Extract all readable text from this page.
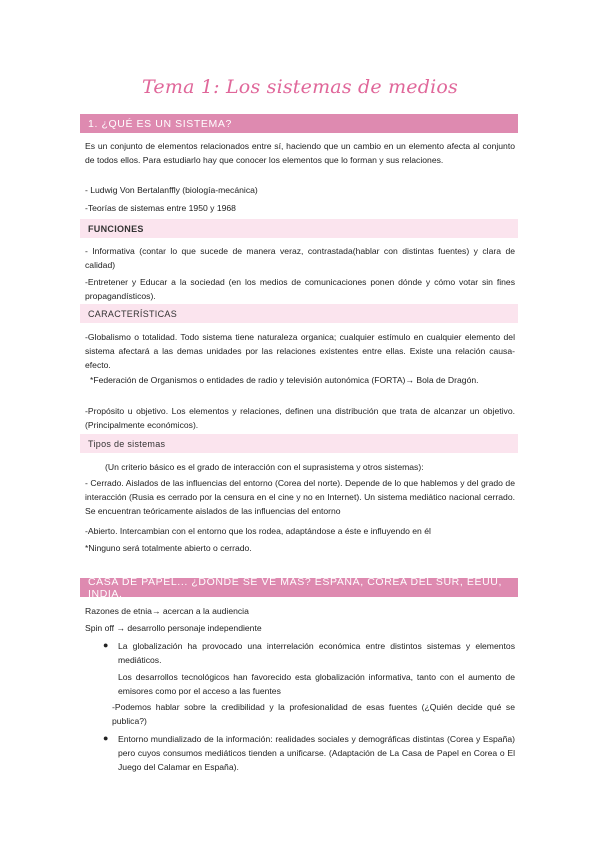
Tema 1: Los sistemas de medios
1. ¿QUÉ ES UN SISTEMA?
Es un conjunto de elementos relacionados entre sí, haciendo que un cambio en un elemento afecta al conjunto de todos ellos. Para estudiarlo hay que conocer los elementos que lo forman y sus relaciones.
- Ludwig Von Bertalanffly (biología-mecánica)
-Teorías de sistemas entre 1950 y 1968
FUNCIONES
- Informativa (contar lo que sucede de manera veraz, contrastada(hablar con distintas fuentes) y clara de calidad)
-Entretener y Educar a la sociedad (en los medios de comunicaciones ponen dónde y cómo votar sin fines propagandísticos).
CARACTERÍSTICAS
-Globalismo o totalidad. Todo sistema tiene naturaleza organica; cualquier estímulo en cualquier elemento del sistema afectará a las demas unidades por las relaciones existentes entre ellas. Existe una relación causa-efecto.
*Federación de Organismos o entidades de radio y televisión autonómica (FORTA)→ Bola de Dragón.
-Propósito u objetivo. Los elementos y relaciones, definen una distribución que trata de alcanzar un objetivo. (Principalmente económicos).
Tipos de sistemas
(Un criterio básico es el grado de interacción con el suprasistema y otros sistemas):
- Cerrado. Aislados de las influencias del entorno (Corea del norte). Depende de lo que hablemos y del grado de interacción (Rusia es cerrado por la censura en el cine y no en Internet). Un sistema mediático nacional cerrado. Se encuentran teóricamente aislados de las influencias del entorno
-Abierto. Intercambian con el entorno que los rodea, adaptándose a éste e influyendo en él
*Ninguno será totalmente abierto o cerrado.
CASA DE PAPEL... ¿DÓNDE SE VE MÁS? ESPAÑA, COREA DEL SUR, EEUU, INDIA.
Razones de etnia→ acercan a la audiencia
Spin off → desarrollo personaje independiente
● La globalización ha provocado una interrelación económica entre distintos sistemas y elementos mediáticos.
Los desarrollos tecnológicos han favorecido esta globalización informativa, tanto con el aumento de emisores como por el acceso a las fuentes
-Podemos hablar sobre la credibilidad y la profesionalidad de esas fuentes (¿Quién decide qué se publica?)
● Entorno mundializado de la información: realidades sociales y demográficas distintas (Corea y España) pero cuyos consumos mediáticos tienden a unificarse. (Adaptación de La Casa de Papel en Corea o El Juego del Calamar en España).
